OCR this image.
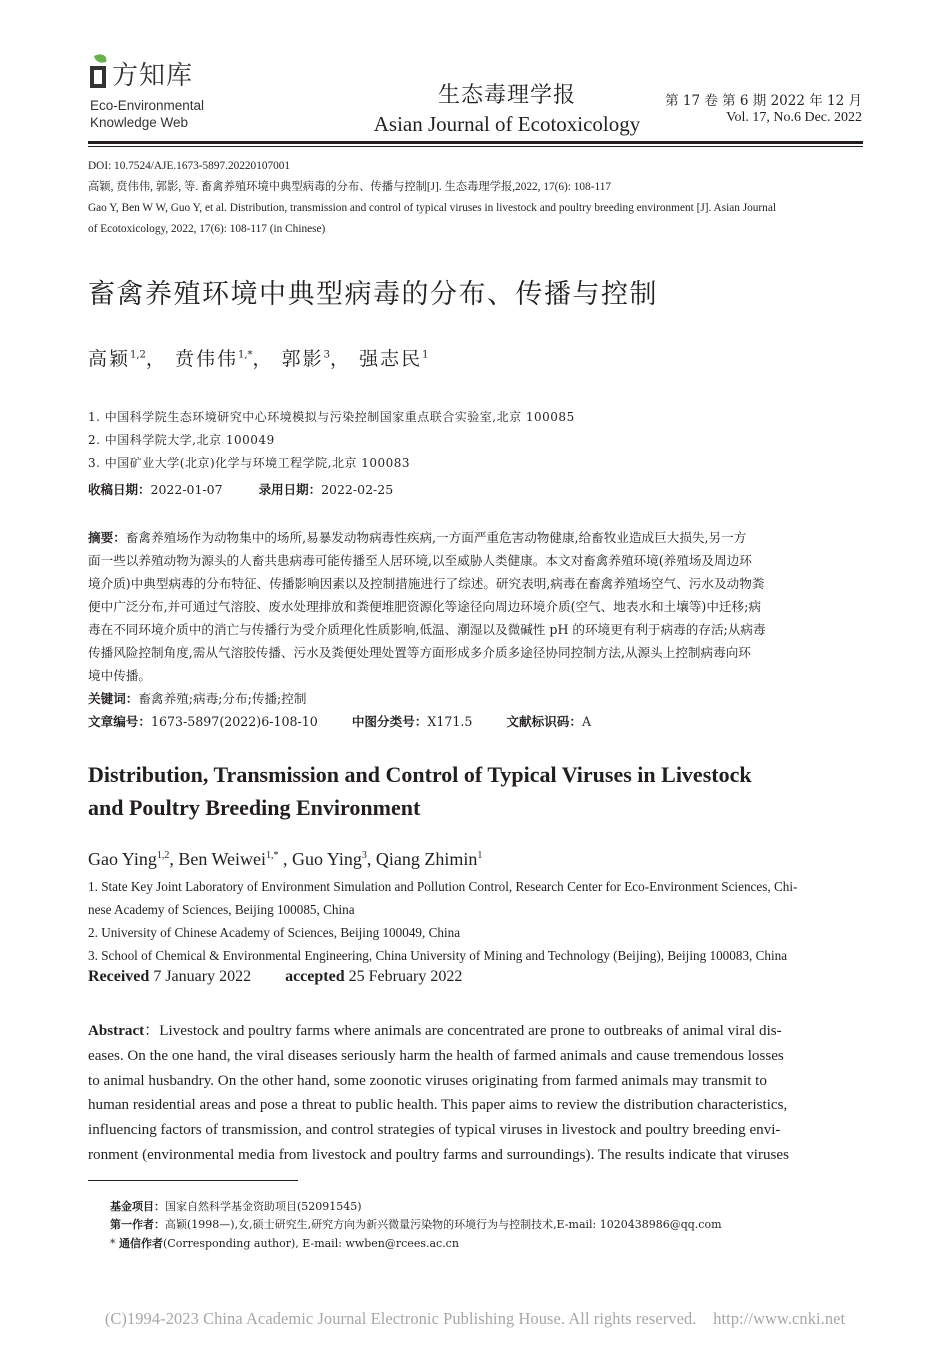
方知库
Eco-Environmental
Knowledge Web
生态毒理学报
Asian Journal of Ecotoxicology
第 17 卷 第 6 期 2022 年 12 月
Vol. 17, No.6 Dec. 2022
DOI: 10.7524/AJE.1673-5897.20220107001
高颖, 贲伟伟, 郭影, 等. 畜禽养殖环境中典型病毒的分布、传播与控制[J]. 生态毒理学报,2022, 17(6): 108-117
Gao Y, Ben W W, Guo Y, et al. Distribution, transmission and control of typical viruses in livestock and poultry breeding environment [J]. Asian Journal
of Ecotoxicology, 2022, 17(6): 108-117 (in Chinese)
畜禽养殖环境中典型病毒的分布、传播与控制
高颖$^{1,2}$， 贲伟伟$^{1,*}$， 郭影$^3$， 强志民$^1$
1. 中国科学院生态环境研究中心环境模拟与污染控制国家重点联合实验室,北京 100085
2. 中国科学院大学,北京 100049
3. 中国矿业大学(北京)化学与环境工程学院,北京 100083
收稿日期：2022-01-07	录用日期：2022-02-25
摘要：畜禽养殖场作为动物集中的场所,易暴发动物病毒性疾病,一方面严重危害动物健康,给畜牧业造成巨大损失,另一方
面一些以养殖动物为源头的人畜共患病毒可能传播至人居环境,以至威胁人类健康。本文对畜禽养殖环境(养殖场及周边环
境介质)中典型病毒的分布特征、传播影响因素以及控制措施进行了综述。研究表明,病毒在畜禽养殖场空气、污水及动物粪
便中广泛分布,并可通过气溶胶、废水处理排放和粪便堆肥资源化等途径向周边环境介质(空气、地表水和土壤等)中迁移;病
毒在不同环境介质中的消亡与传播行为受介质理化性质影响,低温、潮湿以及微碱性 pH 的环境更有利于病毒的存活;从病毒
传播风险控制角度,需从气溶胶传播、污水及粪便处理处置等方面形成多介质多途径协同控制方法,从源头上控制病毒向环
境中传播。
关键词：畜禽养殖;病毒;分布;传播;控制
文章编号：1673-5897(2022)6-108-10	中图分类号：X171.5	文献标识码：A
Distribution, Transmission and Control of Typical Viruses in Livestock
and Poultry Breeding Environment
Gao Ying$^{1,2}$, Ben Weiwei$^{1,*}$ , Guo Ying$^3$, Qiang Zhimin$^1$
1. State Key Joint Laboratory of Environment Simulation and Pollution Control, Research Center for Eco-Environment Sciences, Chi-
nese Academy of Sciences, Beijing 100085, China
2. University of Chinese Academy of Sciences, Beijing 100049, China
3. School of Chemical & Environmental Engineering, China University of Mining and Technology (Beijing), Beijing 100083, China
Received 7 January 2022 accepted 25 February 2022
Abstract：Livestock and poultry farms where animals are concentrated are prone to outbreaks of animal viral dis-
eases. On the one hand, the viral diseases seriously harm the health of farmed animals and cause tremendous losses
to animal husbandry. On the other hand, some zoonotic viruses originating from farmed animals may transmit to
human residential areas and pose a threat to public health. This paper aims to review the distribution characteristics,
influencing factors of transmission, and control strategies of typical viruses in livestock and poultry breeding envi-
ronment (environmental media from livestock and poultry farms and surroundings). The results indicate that viruses
基金项目：国家自然科学基金资助项目(52091545)
第一作者：高颖(1998—),女,硕士研究生,研究方向为新兴微量污染物的环境行为与控制技术,E-mail: 1020438986@qq.com
* 通信作者(Corresponding author), E-mail: wwben@rcees.ac.cn
(C)1994-2023 China Academic Journal Electronic Publishing House. All rights reserved.    http://www.cnki.net
